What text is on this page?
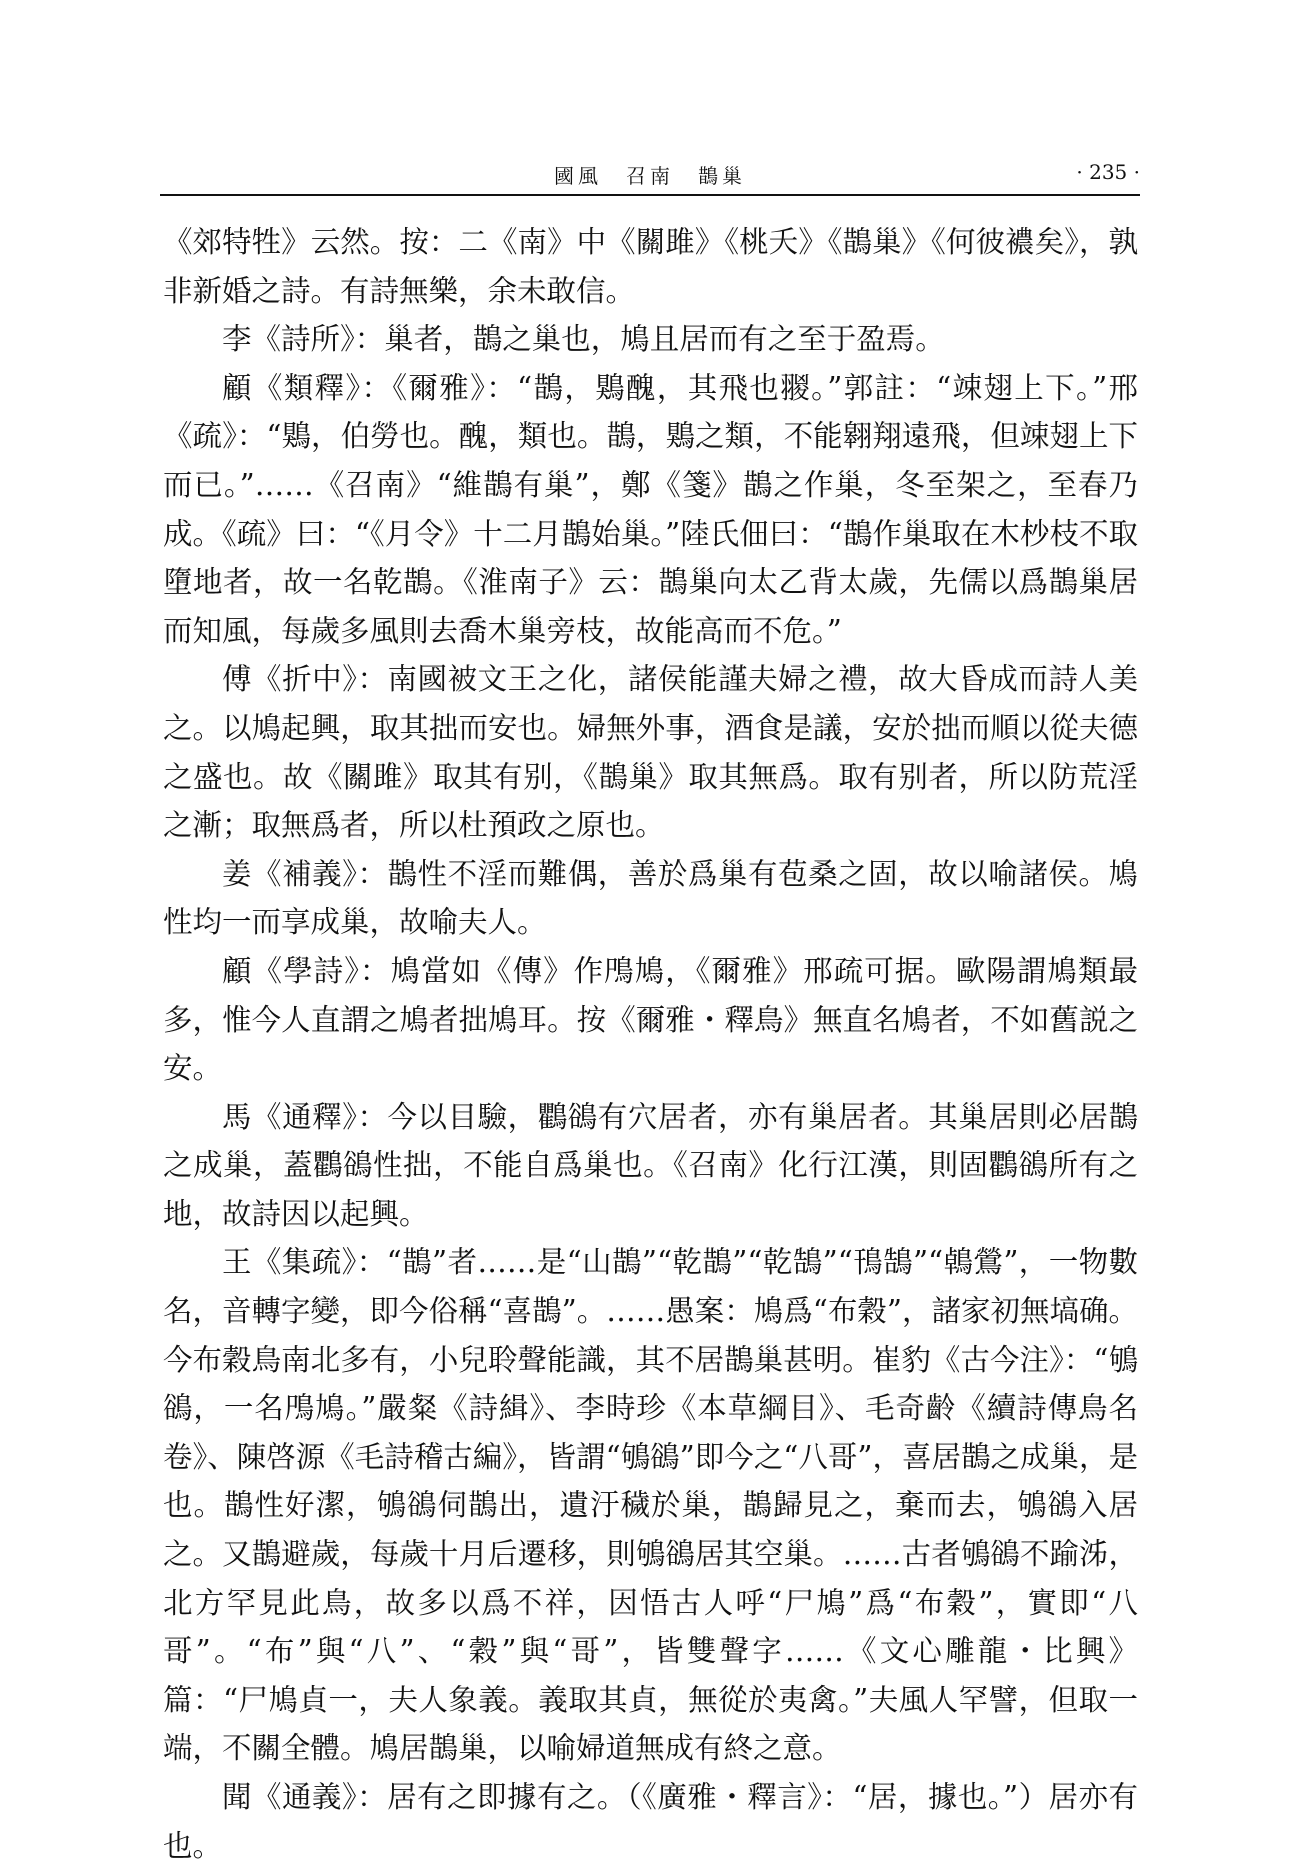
國風　召南　鵲巢	· 235 ·

《郊特牲》云然。按：二《南》中《關雎》《桃夭》《鵲巢》《何彼襛矣》，孰非新婚之詩。有詩無樂，余未敢信。

李《詩所》：巢者，鵲之巢也，鳩且居而有之至于盈焉。

顧《類釋》：《爾雅》：“鵲，鶪醜，其飛也翪。”郭註：“竦翅上下。”邢《疏》：“鶪，伯勞也。醜，類也。鵲，鶪之類，不能翱翔遠飛，但竦翅上下而已。”……《召南》“維鵲有巢”，鄭《箋》鵲之作巢，冬至架之，至春乃成。《疏》曰：“《月令》十二月鵲始巢。”陸氏佃曰：“鵲作巢取在木杪枝不取墮地者，故一名乾鵲。《淮南子》云：鵲巢向太乙背太歲，先儒以爲鵲巢居而知風，每歲多風則去喬木巢旁枝，故能高而不危。”

傅《折中》：南國被文王之化，諸侯能謹夫婦之禮，故大昏成而詩人美之。以鳩起興，取其拙而安也。婦無外事，酒食是議，安於拙而順以從夫德之盛也。故《關雎》取其有别，《鵲巢》取其無爲。取有别者，所以防荒淫之漸；取無爲者，所以杜預政之原也。

姜《補義》：鵲性不淫而難偶，善於爲巢有苞桑之固，故以喻諸侯。鳩性均一而享成巢，故喻夫人。

顧《學詩》：鳩當如《傳》作鳲鳩，《爾雅》邢疏可据。歐陽謂鳩類最多，惟今人直謂之鳩者拙鳩耳。按《爾雅・釋鳥》無直名鳩者，不如舊説之安。

馬《通釋》：今以目驗，鸜鵒有穴居者，亦有巢居者。其巢居則必居鵲之成巢，蓋鸜鵒性拙，不能自爲巢也。《召南》化行江漢，則固鸜鵒所有之地，故詩因以起興。

王《集疏》：“鵲”者……是“山鵲”“乾鵲”“乾鵠”“鳱鵠”“鵫鶯”，一物數名，音轉字變，即今俗稱“喜鵲”。……愚案：鳩爲“布穀”，諸家初無塙确。今布穀鳥南北多有，小兒聆聲能識，其不居鵲巢甚明。崔豹《古今注》：“鴝鵒，一名鳲鳩。”嚴粲《詩緝》、李時珍《本草綱目》、毛奇齡《續詩傳鳥名卷》、陳啓源《毛詩稽古編》，皆謂“鴝鵒”即今之“八哥”，喜居鵲之成巢，是也。鵲性好潔，鴝鵒伺鵲出，遺汙穢於巢，鵲歸見之，棄而去，鴝鵒入居之。又鵲避歲，每歲十月后遷移，則鴝鵒居其空巢。……古者鴝鵒不踰泲，北方罕見此鳥，故多以爲不祥，因悟古人呼“尸鳩”爲“布穀”，實即“八哥”。“布”與“八”、“穀”與“哥”，皆雙聲字……《文心雕龍・比興》篇：“尸鳩貞一，夫人象義。義取其貞，無從於夷禽。”夫風人罕譬，但取一端，不關全體。鳩居鵲巢，以喻婦道無成有終之意。

聞《通義》：居有之即據有之。（《廣雅・釋言》：“居，據也。”）居亦有也。
